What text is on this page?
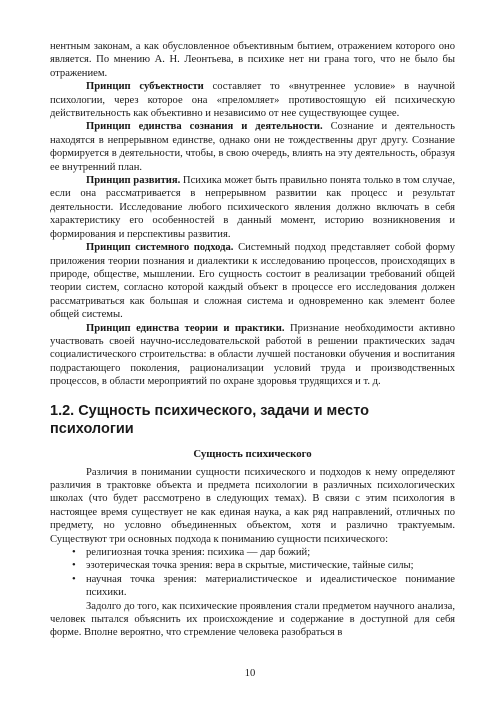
нентным законам, а как обусловленное объективным бытием, отражением которого оно является. По мнению А. Н. Леонтьева, в психике нет ни грана того, что не было бы отражением.

Принцип субъектности составляет то «внутреннее условие» в научной психологии, через которое она «преломляет» противостоящую ей психическую действительность как объективно и независимо от нее существующее сущее.

Принцип единства сознания и деятельности. Сознание и деятельность находятся в непрерывном единстве, однако они не тождественны друг другу. Сознание формируется в деятельности, чтобы, в свою очередь, влиять на эту деятельность, образуя ее внутренний план.

Принцип развития. Психика может быть правильно понята только в том случае, если она рассматривается в непрерывном развитии как процесс и результат деятельности. Исследование любого психического явления должно включать в себя характеристику его особенностей в данный момент, историю возникновения и формирования и перспективы развития.

Принцип системного подхода. Системный подход представляет собой форму приложения теории познания и диалектики к исследованию процессов, происходящих в природе, обществе, мышлении. Его сущность состоит в реализации требований общей теории систем, согласно которой каждый объект в процессе его исследования должен рассматриваться как большая и сложная система и одновременно как элемент более общей системы.

Принцип единства теории и практики. Признание необходимости активно участвовать своей научно-исследовательской работой в решении практических задач социалистического строительства: в области лучшей постановки обучения и воспитания подрастающего поколения, рационализации условий труда и производственных процессов, в области мероприятий по охране здоровья трудящихся и т. д.

1.2. Сущность психического, задачи и место психологии
Сущность психического

Различия в понимании сущности психического и подходов к нему определяют различия в трактовке объекта и предмета психологии в различных психологических школах (что будет рассмотрено в следующих темах). В связи с этим психология в настоящее время существует не как единая наука, а как ряд направлений, отличных по предмету, но условно объединенных объектом, хотя и различно трактуемым. Существуют три основных подхода к пониманию сущности психического:

• религиозная точка зрения: психика — дар божий;
• эзотерическая точка зрения: вера в скрытые, мистические, тайные силы;
• научная точка зрения: материалистическое и идеалистическое понимание психики.

Задолго до того, как психические проявления стали предметом научного анализа, человек пытался объяснить их происхождение и содержание в доступной для себя форме. Вполне вероятно, что стремление человека разобраться в

10
